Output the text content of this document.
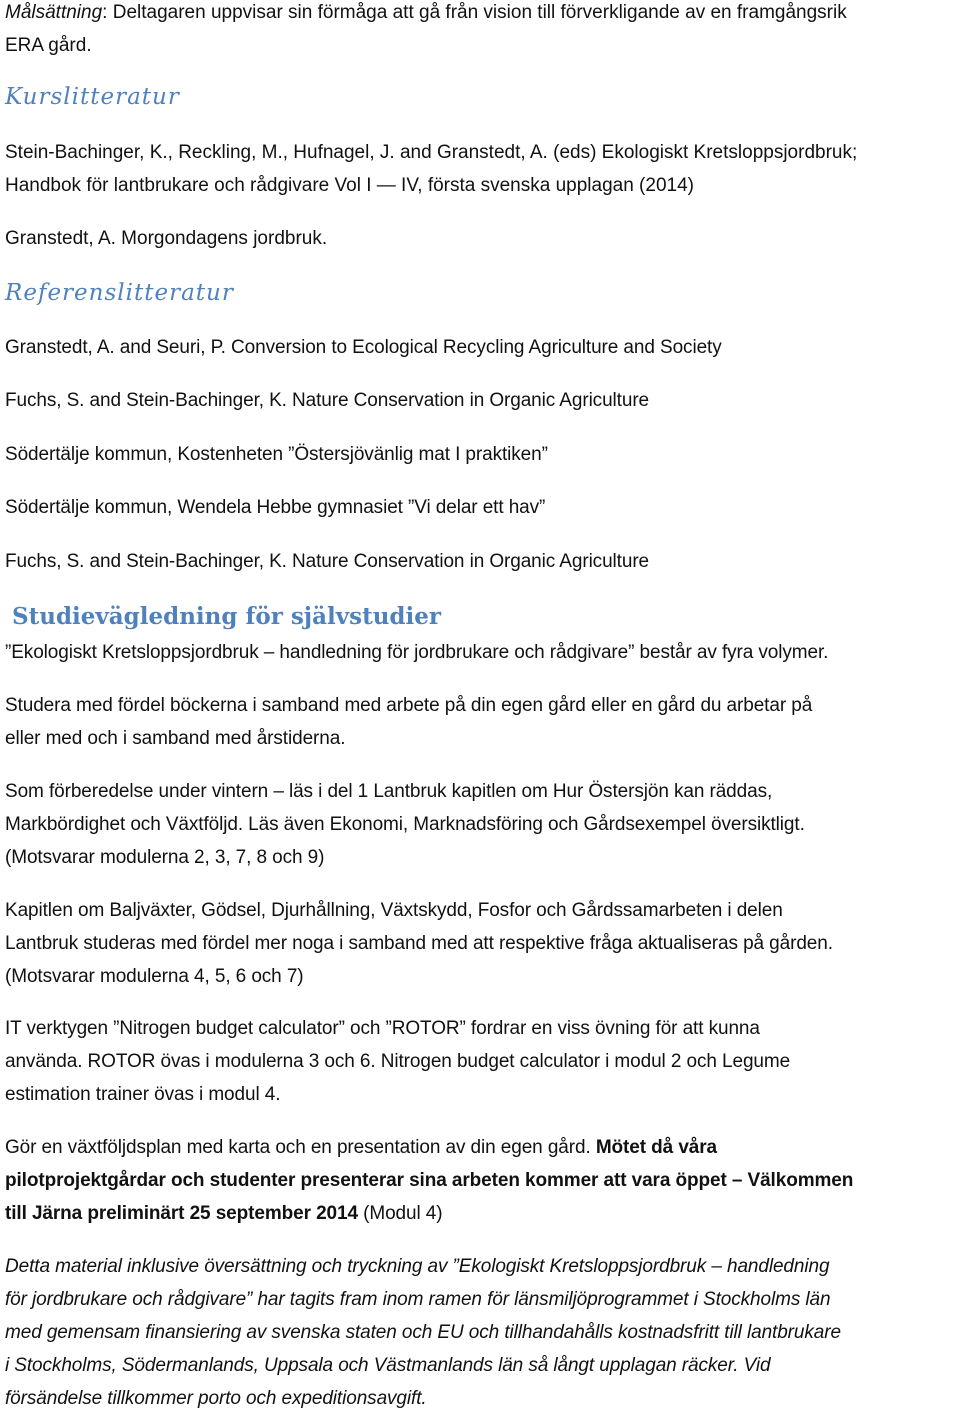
Målsättning: Deltagaren uppvisar sin förmåga att gå från vision till förverkligande av en framgångsrik
ERA gård.
Kurslitteratur
Stein-Bachinger, K., Reckling, M., Hufnagel, J. and Granstedt, A. (eds) Ekologiskt Kretsloppsjordbruk;
Handbok för lantbrukare och rådgivare Vol I — IV, första svenska upplagan (2014)
Granstedt, A. Morgondagens jordbruk.
Referenslitteratur
Granstedt, A. and Seuri, P. Conversion to Ecological Recycling Agriculture and Society
Fuchs, S. and Stein-Bachinger, K. Nature Conservation in Organic Agriculture
Södertälje kommun, Kostenheten ”Östersjövänlig mat I praktiken”
Södertälje kommun, Wendela Hebbe gymnasiet ”Vi delar ett hav”
Fuchs, S. and Stein-Bachinger, K. Nature Conservation in Organic Agriculture
Studievägledning för självstudier
”Ekologiskt Kretsloppsjordbruk – handledning för jordbrukare och rådgivare” består av fyra volymer.
Studera med fördel böckerna i samband med arbete på din egen gård eller en gård du arbetar på
eller med och i samband med årstiderna.
Som förberedelse under vintern – läs i del 1 Lantbruk kapitlen om Hur Östersjön kan räddas,
Markbördighet och Växtföljd. Läs även Ekonomi, Marknadsföring och Gårdsexempel översiktligt.
(Motsvarar modulerna 2, 3, 7, 8 och 9)
Kapitlen om Baljväxter, Gödsel, Djurhållning, Växtskydd, Fosfor och Gårdssamarbeten i delen
Lantbruk studeras med fördel mer noga i samband med att respektive fråga aktualiseras på gården.
(Motsvarar modulerna 4, 5, 6 och 7)
IT verktygen ”Nitrogen budget calculator” och ”ROTOR” fordrar en viss övning för att kunna
använda. ROTOR övas i modulerna 3 och 6. Nitrogen budget calculator i modul 2 och Legume
estimation trainer övas i modul 4.
Gör en växtföljdsplan med karta och en presentation av din egen gård. Mötet då våra
pilotprojektgårdar och studenter presenterar sina arbeten kommer att vara öppet – Välkommen
till Järna preliminärt 25 september 2014 (Modul 4)
Detta material inklusive översättning och tryckning av ”Ekologiskt Kretsloppsjordbruk – handledning
för jordbrukare och rådgivare” har tagits fram inom ramen för länsmiljöprogrammet i Stockholms län
med gemensam finansiering av svenska staten och EU och tillhandahålls kostnadsfritt till lantbrukare
i Stockholms, Södermanlands, Uppsala och Västmanlands län så långt upplagan räcker. Vid
försändelse tillkommer porto och expeditionsavgift.
